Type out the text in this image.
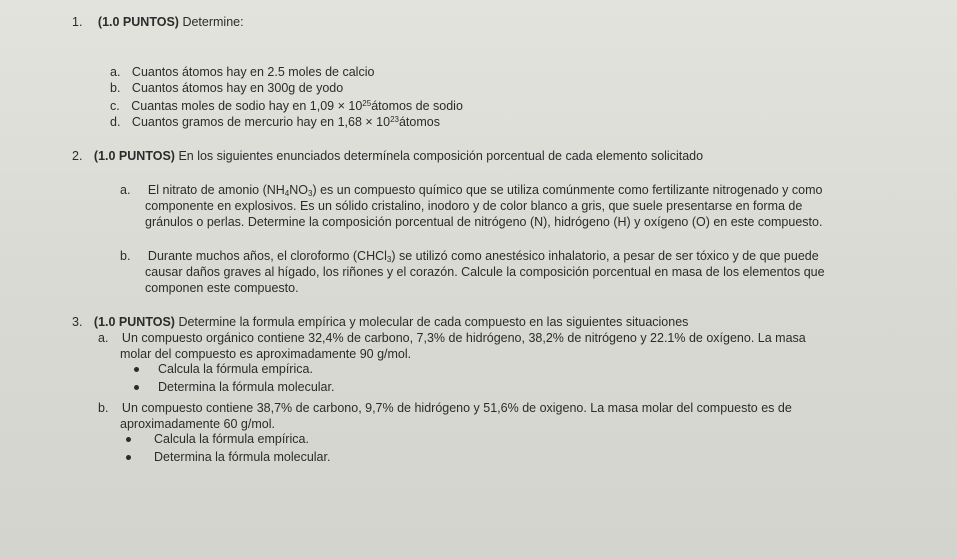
1. (1.0 PUNTOS) Determine:
a. Cuantos átomos hay en 2.5 moles de calcio
b. Cuantos átomos hay en 300g de yodo
c. Cuantas moles de sodio hay en $1,09 \times 10^{25}átomos$ de sodio
d. Cuantos gramos de mercurio hay en $1,68 \times 10^{23}átomos$
2. (1.0 PUNTOS) En los siguientes enunciados determínela composición porcentual de cada elemento solicitado
a. El nitrato de amonio $(NH_4NO_3)$ es un compuesto químico que se utiliza comúnmente como fertilizante nitrogenado y como
componente en explosivos. Es un sólido cristalino, inodoro y de color blanco a gris, que suele presentarse en forma de
gránulos o perlas. Determine la composición porcentual de nitrógeno (N), hidrógeno (H) y oxígeno (O) en este compuesto.
b. Durante muchos años, el cloroformo (CHCl$_3$) se utilizó como anestésico inhalatorio, a pesar de ser tóxico y de que puede
causar daños graves al hígado, los riñones y el corazón. Calcule la composición porcentual en masa de los elementos que
componen este compuesto.
3. (1.0 PUNTOS) Determine la formula empírica y molecular de cada compuesto en las siguientes situaciones
a. Un compuesto orgánico contiene 32,4% de carbono, 7,3% de hidrógeno, 38,2% de nitrógeno y 22.1% de oxígeno. La masa
molar del compuesto es aproximadamente 90 g/mol.
Calcula la fórmula empírica.
Determina la fórmula molecular.
b. Un compuesto contiene 38,7% de carbono, 9,7% de hidrógeno y 51,6% de oxigeno. La masa molar del compuesto es de
aproximadamente 60 g/mol.
Calcula la fórmula empírica.
Determina la fórmula molecular.
